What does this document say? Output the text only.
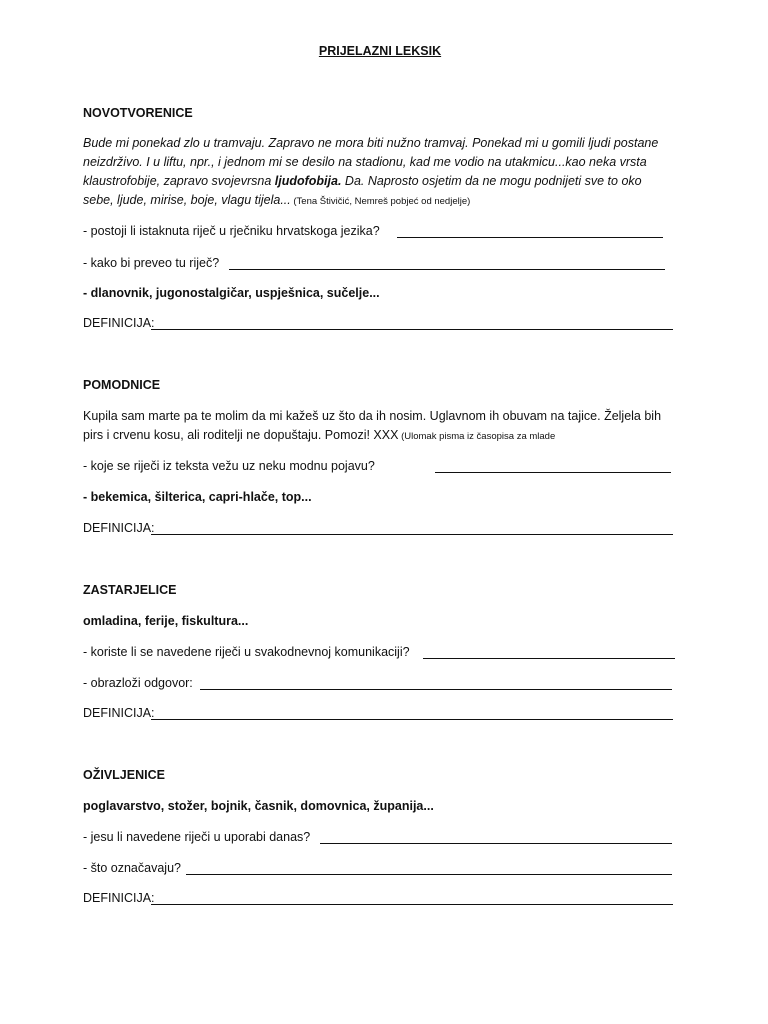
PRIJELAZNI LEKSIK
NOVOTVORENICE
Bude mi ponekad zlo u tramvaju. Zapravo ne mora biti nužno tramvaj. Ponekad mi u gomili ljudi postane neizdrživo. I u liftu, npr., i jednom mi se desilo na stadionu, kad me vodio na utakmicu...kao neka vrsta klaustrofobije, zapravo svojevrsna ljudofobija. Da. Naprosto osjetim da ne mogu podnijeti sve to oko sebe, ljude, mirise, boje, vlagu tijela... (Tena Štivičić, Nemreš pobjeć od nedjelje)
- postoji li istaknuta riječ u rječniku hrvatskoga jezika?
- kako bi preveo tu riječ?
- dlanovnik, jugonostalgičar, uspješnica, sučelje...
DEFINICIJA:
POMODNICE
Kupila sam marte pa te molim da mi kažeš uz što da ih nosim. Uglavnom ih obuvam na tajice. Željela bih pirs i crvenu kosu, ali roditelji ne dopuštaju. Pomozi! XXX (Ulomak pisma iz časopisa za mlade
- koje se riječi iz teksta vežu uz neku modnu pojavu?
- bekemica, šilterica, capri-hlače, top...
DEFINICIJA:
ZASTARJELICE
omladina, ferije, fiskultura...
- koriste li se navedene riječi u svakodnevnoj komunikaciji?
- obrazloži odgovor:
DEFINICIJA:
OŽIVLJENICE
poglavarstvo, stožer, bojnik, časnik, domovnica, županija...
- jesu li navedene riječi u uporabi danas?
- što označavaju?
DEFINICIJA:
